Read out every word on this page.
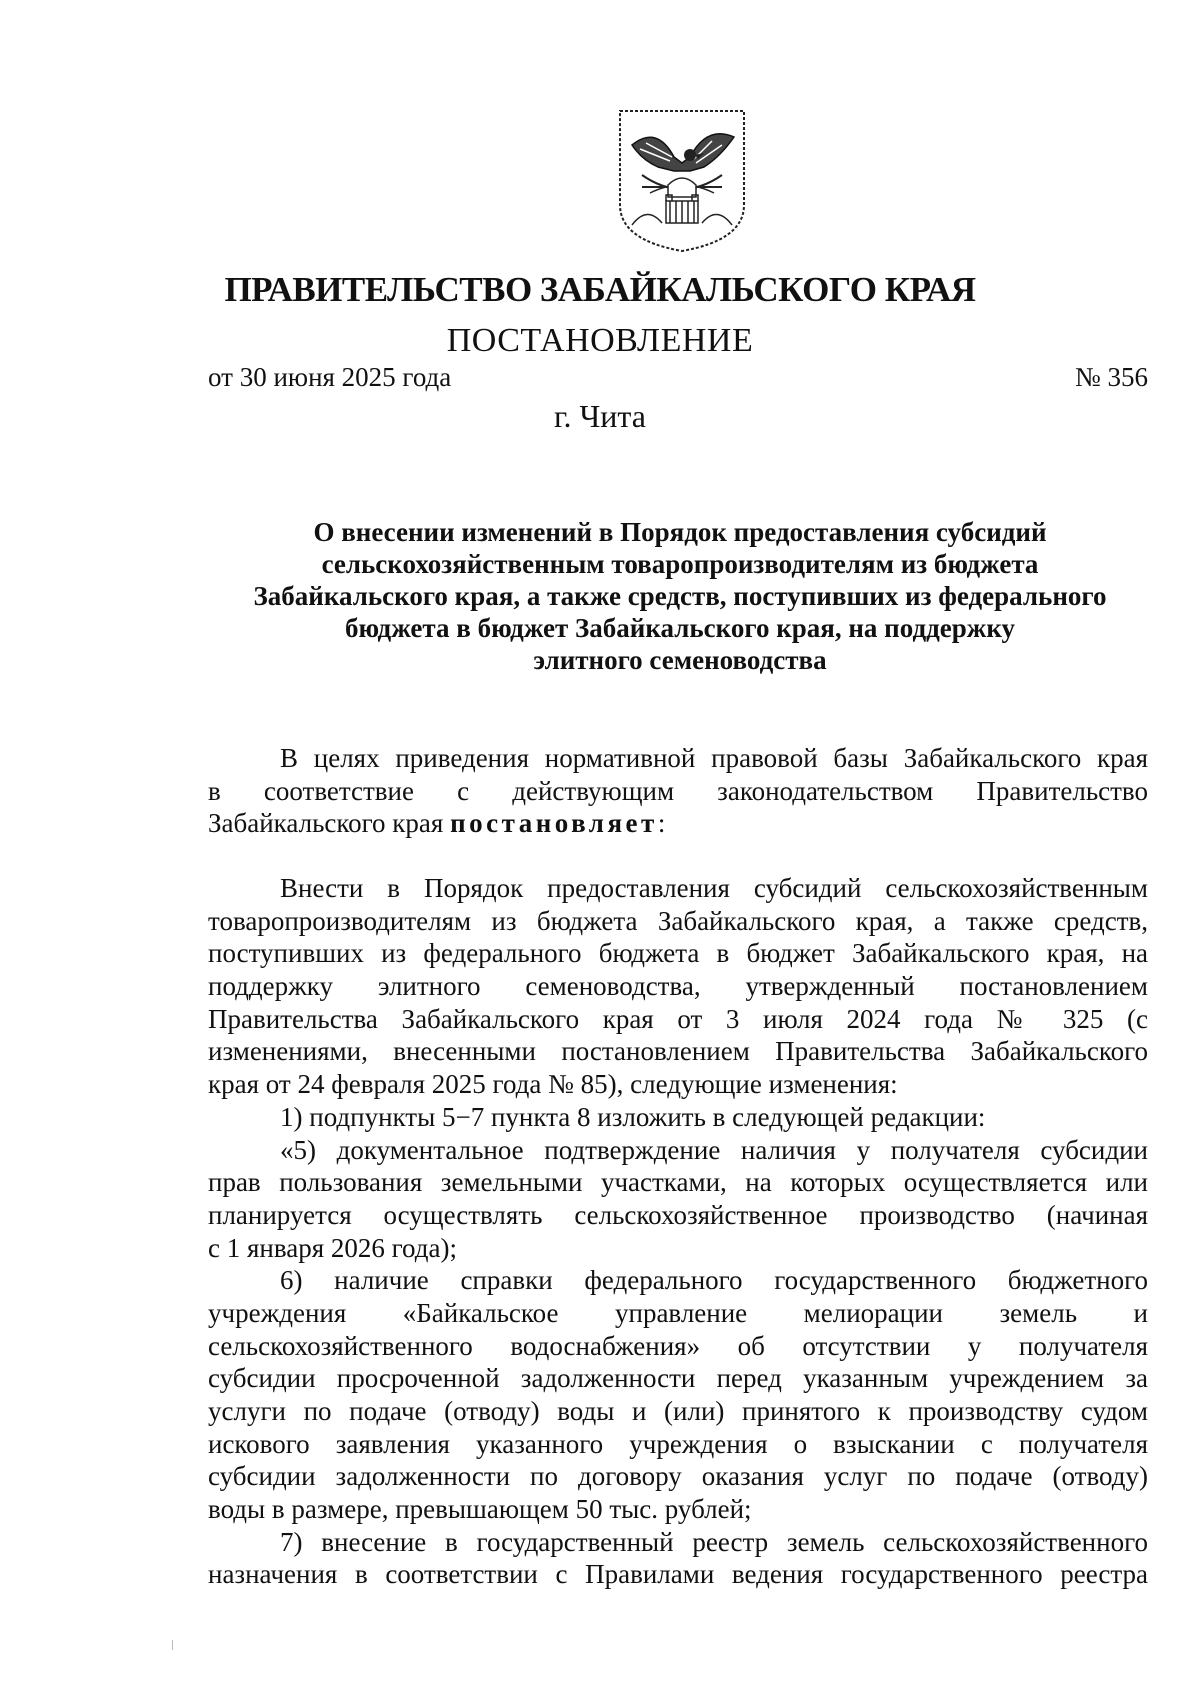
ПРАВИТЕЛЬСТВО ЗАБАЙКАЛЬСКОГО КРАЯ
ПОСТАНОВЛЕНИЕ
от 30 июня 2025 года	№ 356
г. Чита
О внесении изменений в Порядок предоставления субсидий
сельскохозяйственным товаропроизводителям из бюджета
Забайкальского края, а также средств, поступивших из федерального
бюджета в бюджет Забайкальского края, на поддержку
элитного семеноводства
В целях приведения нормативной правовой базы Забайкальского края
в соответствие с действующим законодательством Правительство
Забайкальского края постановляет:
Внести в Порядок предоставления субсидий сельскохозяйственным
товаропроизводителям из бюджета Забайкальского края, а также средств,
поступивших из федерального бюджета в бюджет Забайкальского края, на
поддержку элитного семеноводства, утвержденный постановлением
Правительства Забайкальского края от 3 июля 2024 года № 325 (с
изменениями, внесенными постановлением Правительства Забайкальского
края от 24 февраля 2025 года № 85), следующие изменения:
1) подпункты 5−7 пункта 8 изложить в следующей редакции:
«5) документальное подтверждение наличия у получателя субсидии
прав пользования земельными участками, на которых осуществляется или
планируется осуществлять сельскохозяйственное производство (начиная
с 1 января 2026 года);
6) наличие справки федерального государственного бюджетного
учреждения «Байкальское управление мелиорации земель и
сельскохозяйственного водоснабжения» об отсутствии у получателя
субсидии просроченной задолженности перед указанным учреждением за
услуги по подаче (отводу) воды и (или) принятого к производству судом
искового заявления указанного учреждения о взыскании с получателя
субсидии задолженности по договору оказания услуг по подаче (отводу)
воды в размере, превышающем 50 тыс. рублей;
7) внесение в государственный реестр земель сельскохозяйственного
назначения в соответствии с Правилами ведения государственного реестра
